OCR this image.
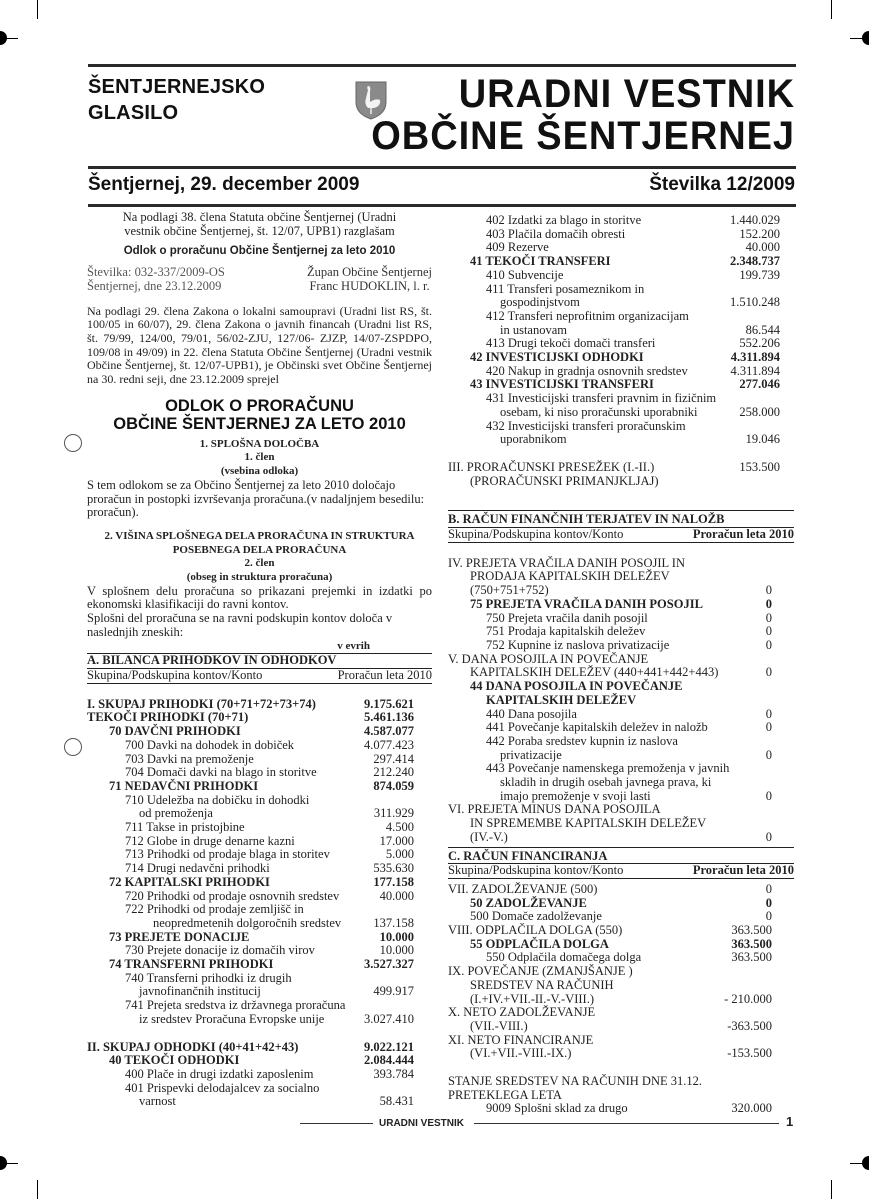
ŠENTJERNEJSKO
GLASILO	URADNI VESTNIK
OBČINE ŠENTJERNEJ
Šentjernej, 29. december 2009	Številka 12/2009
Na podlagi 38. člena Statuta občine Šentjernej (Uradni vestnik občine Šentjernej, št. 12/07, UPB1) razglašam
Odlok o proračunu Občine Šentjernej za leto 2010
Številka: 032-337/2009-OS
Šentjernej, dne 23.12.2009
Župan Občine Šentjernej
Franc HUDOKLIN, l. r.
Na podlagi 29. člena Zakona o lokalni samoupravi (Uradni list RS, št. 100/05 in 60/07), 29. člena Zakona o javnih financah (Uradni list RS, št. 79/99, 124/00, 79/01, 56/02-ZJU, 127/06- ZJZP, 14/07-ZSPDPO, 109/08 in 49/09) in 22. člena Statuta Občine Šentjernej (Uradni vestnik Občine Šentjernej, št. 12/07-UPB1), je Občinski svet Občine Šentjernej na 30. redni seji, dne 23.12.2009 sprejel
ODLOK O PRORAČUNU
OBČINE ŠENTJERNEJ ZA LETO 2010
1. SPLOŠNA DOLOČBA
1. člen
(vsebina odloka)
S tem odlokom se za Občino Šentjernej za leto 2010 določajo proračun in postopki izvrševanja proračuna.(v nadaljnjem besedilu: proračun).
2. VIŠINA SPLOŠNEGA DELA PRORAČUNA IN STRUKTURA
POSEBNEGA DELA PRORAČUNA
2. člen
(obseg in struktura proračuna)
V splošnem delu proračuna so prikazani prejemki in izdatki po ekonomski klasifikaciji do ravni kontov.
Splošni del proračuna se na ravni podskupin kontov določa v naslednjih zneskih:
v evrih
A. BILANCA PRIHODKOV IN ODHODKOV
Skupina/Podskupina kontov/Konto	Proračun leta 2010
I. SKUPAJ PRIHODKI (70+71+72+73+74)	9.175.621
TEKOČI PRIHODKI (70+71)	5.461.136
70 DAVČNI PRIHODKI	4.587.077
700 Davki na dohodek in dobiček	4.077.423
703 Davki na premoženje	297.414
704 Domači davki na blago in storitve	212.240
71 NEDAVČNI PRIHODKI	874.059
710 Udeležba na dobičku in dohodki
od premoženja	311.929
711 Takse in pristojbine	4.500
712 Globe in druge denarne kazni	17.000
713 Prihodki od prodaje blaga in storitev	5.000
714 Drugi nedavčni prihodki	535.630
72 KAPITALSKI PRIHODKI	177.158
720 Prihodki od prodaje osnovnih sredstev	40.000
722 Prihodki od prodaje zemljišč in
neopredmetenih dolgoročnih sredstev	137.158
73 PREJETE DONACIJE	10.000
730 Prejete donacije iz domačih virov	10.000
74 TRANSFERNI PRIHODKI	3.527.327
740 Transferni prihodki iz drugih
javnofinančnih institucij	499.917
741 Prejeta sredstva iz državnega proračuna
iz sredstev Proračuna Evropske unije	3.027.410
II. SKUPAJ ODHODKI (40+41+42+43)	9.022.121
40 TEKOČI ODHODKI	2.084.444
400 Plače in drugi izdatki zaposlenim	393.784
401 Prispevki delodajalcev za socialno
varnost	58.431
402 Izdatki za blago in storitve	1.440.029
403 Plačila domačih obresti	152.200
409 Rezerve	40.000
41 TEKOČI TRANSFERI	2.348.737
410 Subvencije	199.739
411 Transferi posameznikom in
gospodinjstvom	1.510.248
412 Transferi neprofitnim organizacijam
in ustanovam	86.544
413 Drugi tekoči domači transferi	552.206
42 INVESTICIJSKI ODHODKI	4.311.894
420 Nakup in gradnja osnovnih sredstev	4.311.894
43 INVESTICIJSKI TRANSFERI	277.046
431 Investicijski transferi pravnim in fizičnim
osebam, ki niso proračunski uporabniki	258.000
432 Investicijski transferi proračunskim
uporabnikom	19.046
III. PRORAČUNSKI PRESEŽEK (I.-II.)	153.500
(PRORAČUNSKI PRIMANJKLJAJ)
B. RAČUN FINANČNIH TERJATEV IN NALOŽB
Skupina/Podskupina kontov/Konto	Proračun leta 2010
IV. PREJETA VRAČILA DANIH POSOJIL IN
PRODAJA KAPITALSKIH DELEŽEV
(750+751+752)	0
75 PREJETA VRAČILA DANIH POSOJIL	0
750 Prejeta vračila danih posojil	0
751 Prodaja kapitalskih deležev	0
752 Kupnine iz naslova privatizacije	0
V. DANA POSOJILA IN POVEČANJE
KAPITALSKIH DELEŽEV (440+441+442+443)	0
44 DANA POSOJILA IN POVEČANJE
KAPITALSKIH DELEŽEV
440 Dana posojila	0
441 Povečanje kapitalskih deležev in naložb	0
442 Poraba sredstev kupnin iz naslova
privatizacije	0
443 Povečanje namenskega premoženja v javnih
skladih in drugih osebah javnega prava, ki
imajo premoženje v svoji lasti	0
VI. PREJETA MINUS DANA POSOJILA
IN SPREMEMBE KAPITALSKIH DELEŽEV
(IV.-V.)	0
C. RAČUN FINANCIRANJA
Skupina/Podskupina kontov/Konto	Proračun leta 2010
VII. ZADOLŽEVANJE (500)	0
50 ZADOLŽEVANJE	0
500 Domače zadolževanje	0
VIII. ODPLAČILA DOLGA (550)	363.500
55 ODPLAČILA DOLGA	363.500
550 Odplačila domačega dolga	363.500
IX. POVEČANJE (ZMANJŠANJE )
SREDSTEV NA RAČUNIH
(I.+IV.+VII.-II.-V.-VIII.)	- 210.000
X. NETO ZADOLŽEVANJE
(VII.-VIII.)	-363.500
XI. NETO FINANCIRANJE
(VI.+VII.-VIII.-IX.)	-153.500
STANJE SREDSTEV NA RAČUNIH DNE 31.12.
PRETEKLEGA LETA
9009 Splošni sklad za drugo	320.000
URADNI VESTNIK	1
